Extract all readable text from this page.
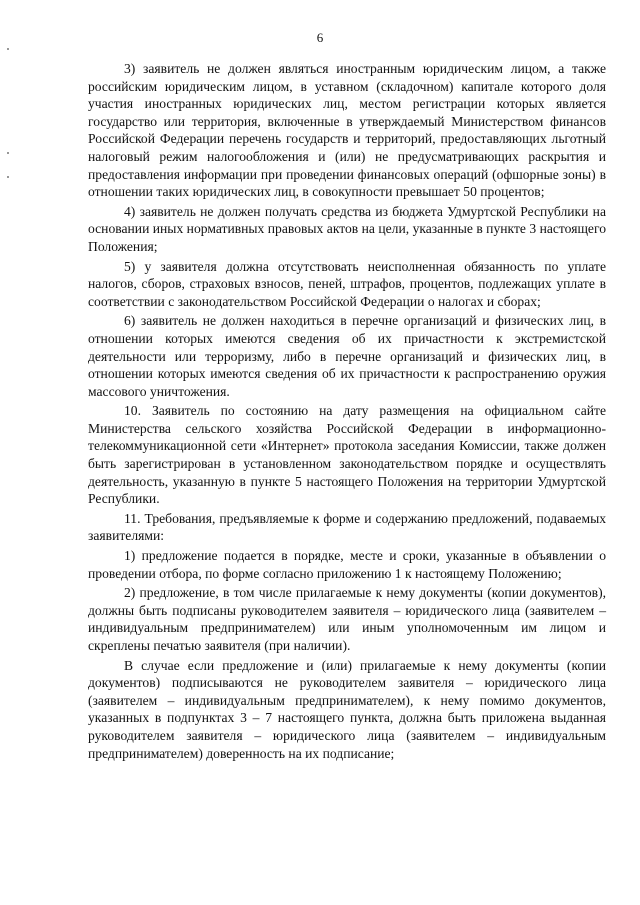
6

3) заявитель не должен являться иностранным юридическим лицом, а также российским юридическим лицом, в уставном (складочном) капитале которого доля участия иностранных юридических лиц, местом регистрации которых является государство или территория, включенные в утверждаемый Министерством финансов Российской Федерации перечень государств и территорий, предоставляющих льготный налоговый режим налогообложения и (или) не предусматривающих раскрытия и предоставления информации при проведении финансовых операций (офшорные зоны) в отношении таких юридических лиц, в совокупности превышает 50 процентов;

4) заявитель не должен получать средства из бюджета Удмуртской Республики на основании иных нормативных правовых актов на цели, указанные в пункте 3 настоящего Положения;

5) у заявителя должна отсутствовать неисполненная обязанность по уплате налогов, сборов, страховых взносов, пеней, штрафов, процентов, подлежащих уплате в соответствии с законодательством Российской Федерации о налогах и сборах;

6) заявитель не должен находиться в перечне организаций и физических лиц, в отношении которых имеются сведения об их причастности к экстремистской деятельности или терроризму, либо в перечне организаций и физических лиц, в отношении которых имеются сведения об их причастности к распространению оружия массового уничтожения.

10. Заявитель по состоянию на дату размещения на официальном сайте Министерства сельского хозяйства Российской Федерации в информационно-телекоммуникационной сети «Интернет» протокола заседания Комиссии, также должен быть зарегистрирован в установленном законодательством порядке и осуществлять деятельность, указанную в пункте 5 настоящего Положения на территории Удмуртской Республики.

11. Требования, предъявляемые к форме и содержанию предложений, подаваемых заявителями:

1) предложение подается в порядке, месте и сроки, указанные в объявлении о проведении отбора, по форме согласно приложению 1 к настоящему Положению;

2) предложение, в том числе прилагаемые к нему документы (копии документов), должны быть подписаны руководителем заявителя – юридического лица (заявителем – индивидуальным предпринимателем) или иным уполномоченным им лицом и скреплены печатью заявителя (при наличии).

В случае если предложение и (или) прилагаемые к нему документы (копии документов) подписываются не руководителем заявителя – юридического лица (заявителем – индивидуальным предпринимателем), к нему помимо документов, указанных в подпунктах 3 – 7 настоящего пункта, должна быть приложена выданная руководителем заявителя – юридического лица (заявителем – индивидуальным предпринимателем) доверенность на их подписание;
